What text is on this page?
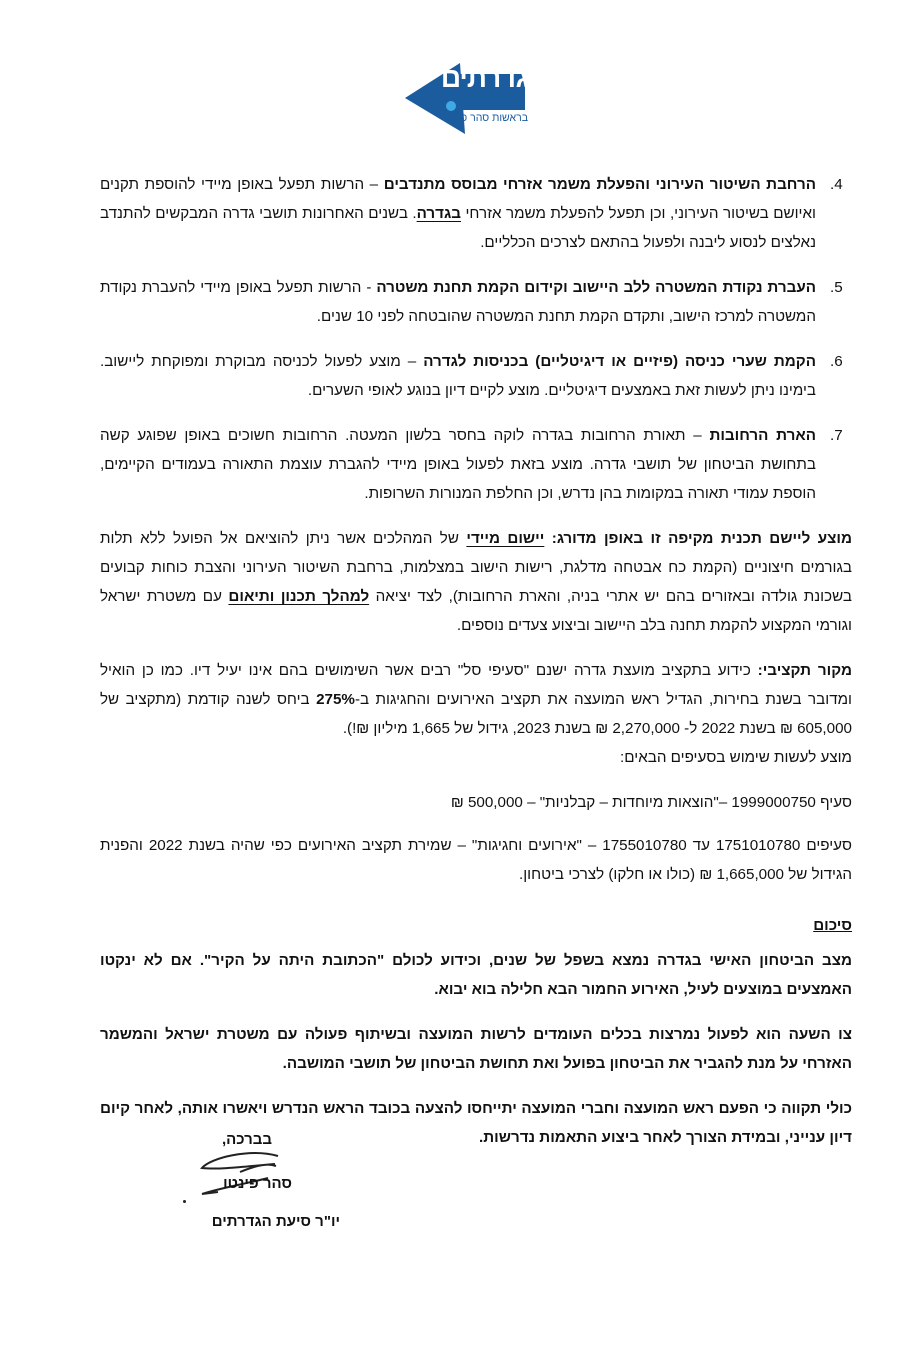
גדרתים
בראשות סהר פינטו
4.
הרחבת השיטור העירוני והפעלת משמר אזרחי מבוסס מתנדבים – הרשות תפעל באופן מיידי להוספת תקנים ואיושם בשיטור העירוני, וכן תפעל להפעלת משמר אזרחי בגדרה. בשנים האחרונות תושבי גדרה המבקשים להתנדב נאלצים לנסוע ליבנה ולפעול בהתאם לצרכים הכלליים.
5.
העברת נקודת המשטרה ללב היישוב וקידום הקמת תחנת משטרה - הרשות תפעל באופן מיידי להעברת נקודת המשטרה למרכז הישוב, ותקדם הקמת תחנת המשטרה שהובטחה לפני 10 שנים.
6.
הקמת שערי כניסה (פיזיים או דיגיטליים) בכניסות לגדרה – מוצע לפעול לכניסה מבוקרת ומפוקחת ליישוב. בימינו ניתן לעשות זאת באמצעים דיגיטליים. מוצע לקיים דיון בנוגע לאופי השערים.
7.
הארת הרחובות – תאורת הרחובות בגדרה לוקה בחסר בלשון המעטה. הרחובות חשוכים באופן שפוגע קשה בתחושת הביטחון של תושבי גדרה. מוצע בזאת לפעול באופן מיידי להגברת עוצמת התאורה בעמודים הקיימים, הוספת עמודי תאורה במקומות בהן נדרש, וכן החלפת המנורות השרופות.
מוצע ליישם תכנית מקיפה זו באופן מדורג: יישום מיידי של המהלכים אשר ניתן להוציאם אל הפועל ללא תלות בגורמים חיצוניים (הקמת כח אבטחה מדלגת, רישות הישוב במצלמות, ברחבת השיטור העירוני והצבת כוחות קבועים בשכונת גולדה ובאזורים בהם יש אתרי בניה, והארת הרחובות), לצד יציאה למהלך תכנון ותיאום עם משטרת ישראל וגורמי המקצוע להקמת תחנה בלב היישוב וביצוע צעדים נוספים.
מקור תקציבי: כידוע בתקציב מועצת גדרה ישנם "סעיפי סל" רבים אשר השימושים בהם אינו יעיל דיו. כמו כן הואיל ומדובר בשנת בחירות, הגדיל ראש המועצה את תקציב האירועים והחגיגות ב-275% ביחס לשנה קודמת (מתקציב של 605,000 ₪ בשנת 2022 ל- 2,270,000 ₪ בשנת 2023, גידול של 1,665 מיליון ₪!).
מוצע לעשות שימוש בסעיפים הבאים:

סעיף 1999000750 –"הוצאות מיוחדות – קבלניות" – 500,000 ₪

סעיפים 1751010780 עד 1755010780 – "אירועים וחגיגות" – שמירת תקציב האירועים כפי שהיה בשנת 2022 והפנית הגידול של 1,665,000 ₪ (כולו או חלקו) לצרכי ביטחון.

סיכום

מצב הביטחון האישי בגדרה נמצא בשפל של שנים, וכידוע לכולם "הכתובת היתה על הקיר". אם לא ינקטו האמצעים במוצעים לעיל, האירוע החמור הבא חלילה בוא יבוא.

צו השעה הוא לפעול נמרצות בכלים העומדים לרשות המועצה ובשיתוף פעולה עם משטרת ישראל והמשמר האזרחי על מנת להגביר את הביטחון בפועל ואת תחושת הביטחון של תושבי המושבה.

כולי תקווה כי הפעם ראש המועצה וחברי המועצה יתייחסו להצעה בכובד הראש הנדרש ויאשרו אותה, לאחר קיום דיון ענייני, ובמידת הצורך לאחר ביצוע התאמות נדרשות.

בברכה,
סהר פינטו
יו"ר סיעת הגדרתים
